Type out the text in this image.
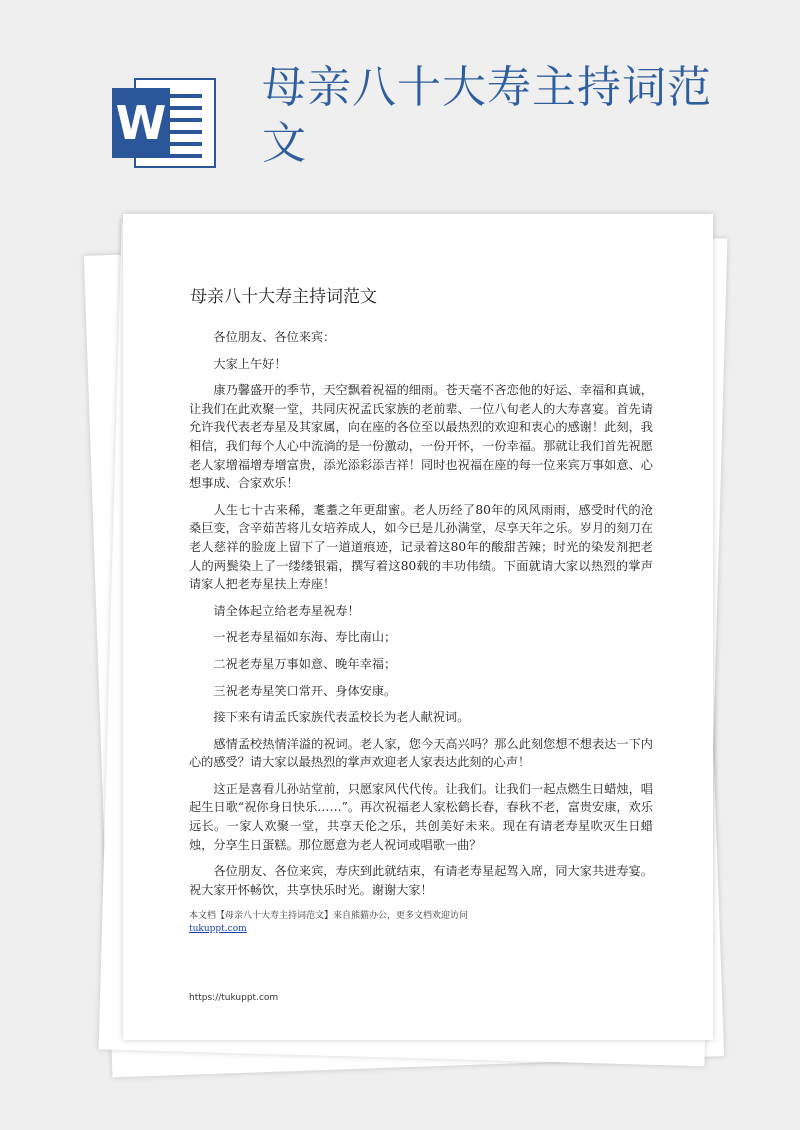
W
母亲八十大寿主持词范文
母亲八十大寿主持词范文

各位朋友、各位来宾：

大家上午好！

康乃馨盛开的季节，天空飘着祝福的细雨。苍天毫不吝恋他的好运、幸福和真诚，让我们在此欢聚一堂，共同庆祝孟氏家族的老前辈、一位八旬老人的大寿喜宴。首先请允许我代表老寿星及其家属，向在座的各位至以最热烈的欢迎和衷心的感谢！此刻，我相信，我们每个人心中流淌的是一份激动，一份开怀，一份幸福。那就让我们首先祝愿老人家增福增寿增富贵，添光添彩添吉祥！同时也祝福在座的每一位来宾万事如意、心想事成、合家欢乐！

人生七十古来稀，耄耋之年更甜蜜。老人历经了80年的风风雨雨，感受时代的沧桑巨变，含辛茹苦将儿女培养成人，如今已是儿孙满堂，尽享天年之乐。岁月的刻刀在老人慈祥的脸庞上留下了一道道痕迹，记录着这80年的酸甜苦辣；时光的染发剂把老人的两鬓染上了一缕缕银霜，撰写着这80载的丰功伟绩。下面就请大家以热烈的掌声请家人把老寿星扶上寿座！

请全体起立给老寿星祝寿！

一祝老寿星福如东海、寿比南山；

二祝老寿星万事如意、晚年幸福；

三祝老寿星笑口常开、身体安康。

接下来有请孟氏家族代表孟校长为老人献祝词。

感情孟校热情洋溢的祝词。老人家，您今天高兴吗？那么此刻您想不想表达一下内心的感受？请大家以最热烈的掌声欢迎老人家表达此刻的心声！

这正是喜看儿孙站堂前，只愿家风代代传。让我们。让我们一起点燃生日蜡烛，唱起生日歌“祝你身日快乐……”。再次祝福老人家松鹤长春，春秋不老，富贵安康，欢乐远长。一家人欢聚一堂，共享天伦之乐，共创美好未来。现在有请老寿星吹灭生日蜡烛，分享生日蛋糕。那位愿意为老人祝词或唱歌一曲？

各位朋友、各位来宾，寿庆到此就结束，有请老寿星起驾入席，同大家共进寿宴。祝大家开怀畅饮，共享快乐时光。谢谢大家！

本文档【母亲八十大寿主持词范文】来自熊猫办公，更多文档欢迎访问
tukuppt.com
https://tukuppt.com
